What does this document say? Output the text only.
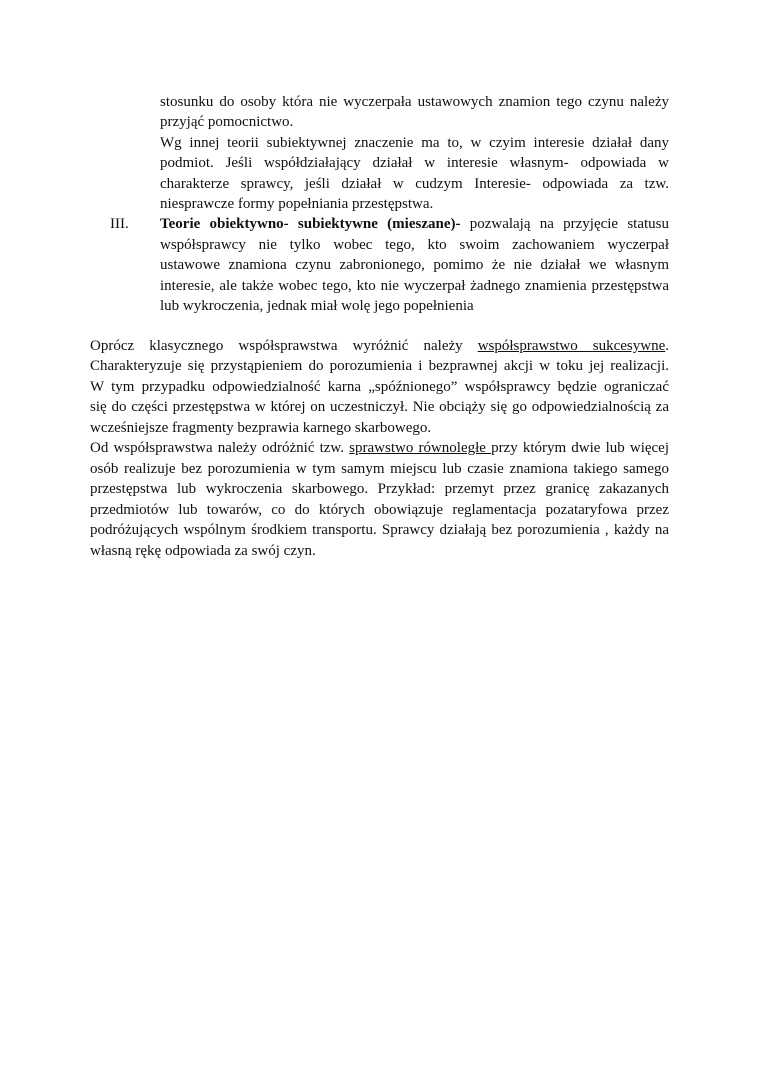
stosunku do osoby która nie wyczerpała ustawowych znamion tego czynu należy
przyjąć pomocnictwo.
Wg innej teorii subiektywnej znaczenie ma to, w czyim interesie działał dany
podmiot. Jeśli współdziałający działał w interesie własnym- odpowiada w
charakterze sprawcy, jeśli działał w cudzym Interesie- odpowiada za tzw.
niesprawcze formy popełniania przestępstwa.
III. Teorie obiektywno- subiektywne (mieszane)- pozwalają na przyjęcie statusu
współsprawcy nie tylko wobec tego, kto swoim zachowaniem wyczerpał
ustawowe znamiona czynu zabronionego, pomimo że nie działał we własnym
interesie, ale także wobec tego, kto nie wyczerpał żadnego znamienia przestępstwa
lub wykroczenia, jednak miał wolę jego popełnienia
Oprócz klasycznego współsprawstwa wyróżnić należy współsprawstwo sukcesywne.
Charakteryzuje się przystąpieniem do porozumienia i bezprawnej akcji w toku jej realizacji.
W tym przypadku odpowiedzialność karna „spóźnionego” współsprawcy będzie ograniczać
się do części przestępstwa w której on uczestniczył. Nie obciąży się go odpowiedzialnością za
wcześniejsze fragmenty bezprawia karnego skarbowego.
Od współsprawstwa należy odróżnić tzw. sprawstwo równoległe przy którym dwie lub więcej
osób realizuje bez porozumienia w tym samym miejscu lub czasie znamiona takiego samego
przestępstwa lub wykroczenia skarbowego. Przykład: przemyt przez granicę zakazanych
przedmiotów lub towarów, co do których obowiązuje reglamentacja pozataryfowa przez
podróżujących wspólnym środkiem transportu. Sprawcy działają bez porozumienia , każdy na
własną rękę odpowiada za swój czyn.
